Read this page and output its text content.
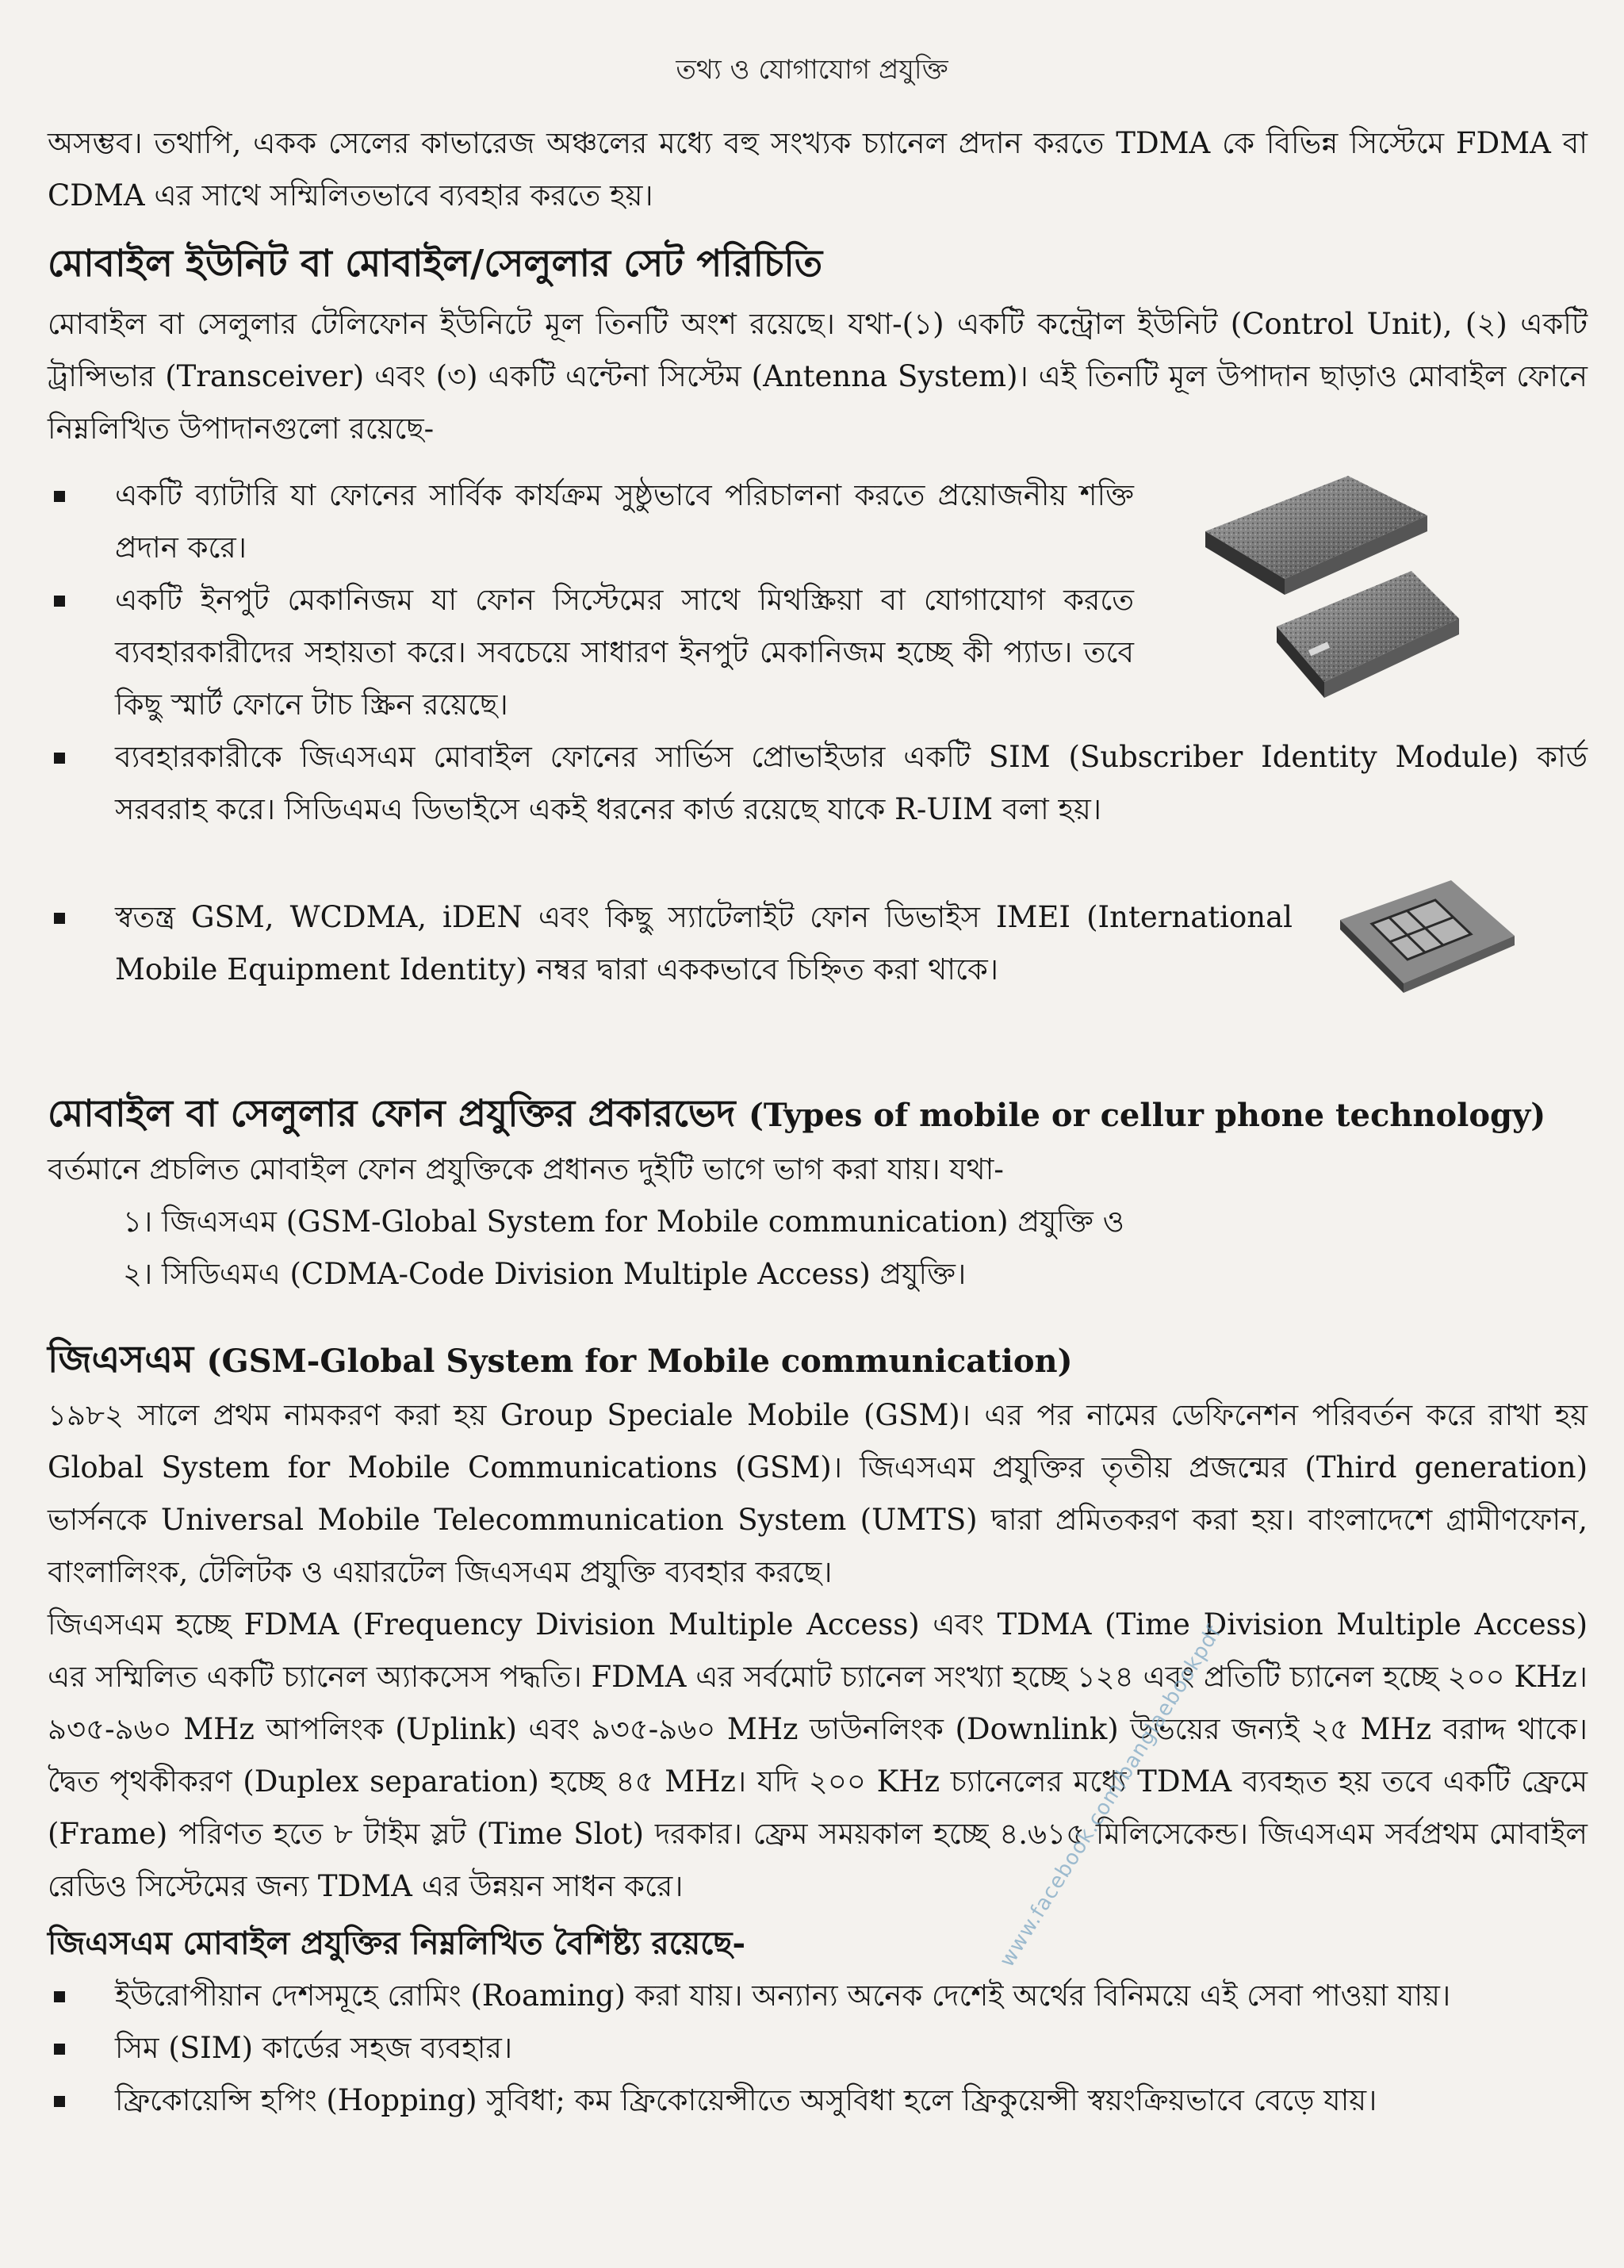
তথ্য ও যোগাযোগ প্রযুক্তি

অসম্ভব। তথাপি, একক সেলের কাভারেজ অঞ্চলের মধ্যে বহু সংখ্যক চ্যানেল প্রদান করতে TDMA কে বিভিন্ন সিস্টেমে FDMA বা CDMA এর সাথে সম্মিলিতভাবে ব্যবহার করতে হয়।

মোবাইল ইউনিট বা মোবাইল/সেলুলার সেট পরিচিতি

মোবাইল বা সেলুলার টেলিফোন ইউনিটে মূল তিনটি অংশ রয়েছে। যথা-(১) একটি কন্ট্রোল ইউনিট (Control Unit), (২) একটি ট্রান্সিভার (Transceiver) এবং (৩) একটি এন্টেনা সিস্টেম (Antenna System)। এই তিনটি মূল উপাদান ছাড়াও মোবাইল ফোনে নিম্নলিখিত উপাদানগুলো রয়েছে-

একটি ব্যাটারি যা ফোনের সার্বিক কার্যক্রম সুষ্ঠুভাবে পরিচালনা করতে প্রয়োজনীয় শক্তি প্রদান করে।
একটি ইনপুট মেকানিজম যা ফোন সিস্টেমের সাথে মিথস্ক্রিয়া বা যোগাযোগ করতে ব্যবহারকারীদের সহায়তা করে। সবচেয়ে সাধারণ ইনপুট মেকানিজম হচ্ছে কী প্যাড। তবে কিছু স্মার্ট ফোনে টাচ স্ক্রিন রয়েছে।
ব্যবহারকারীকে জিএসএম মোবাইল ফোনের সার্ভিস প্রোভাইডার একটি SIM (Subscriber Identity Module) কার্ড সরবরাহ করে। সিডিএমএ ডিভাইসে একই ধরনের কার্ড রয়েছে যাকে R-UIM বলা হয়।
স্বতন্ত্র GSM, WCDMA, iDEN এবং কিছু স্যাটেলাইট ফোন ডিভাইস IMEI (International Mobile Equipment Identity) নম্বর দ্বারা এককভাবে চিহ্নিত করা থাকে।
মোবাইল বা সেলুলার ফোন প্রযুক্তির প্রকারভেদ (Types of mobile or cellur phone technology)

বর্তমানে প্রচলিত মোবাইল ফোন প্রযুক্তিকে প্রধানত দুইটি ভাগে ভাগ করা যায়। যথা-

১। জিএসএম (GSM-Global System for Mobile communication) প্রযুক্তি ও
২। সিডিএমএ (CDMA-Code Division Multiple Access) প্রযুক্তি।
জিএসএম (GSM-Global System for Mobile communication)

১৯৮২ সালে প্রথম নামকরণ করা হয় Group Speciale Mobile (GSM)। এর পর নামের ডেফিনেশন পরিবর্তন করে রাখা হয় Global System for Mobile Communications (GSM)। জিএসএম প্রযুক্তির তৃতীয় প্রজন্মের (Third generation) ভার্সনকে Universal Mobile Telecommunication System (UMTS) দ্বারা প্রমিতকরণ করা হয়। বাংলাদেশে গ্রামীণফোন, বাংলালিংক, টেলিটক ও এয়ারটেল জিএসএম প্রযুক্তি ব্যবহার করছে।

জিএসএম হচ্ছে FDMA (Frequency Division Multiple Access) এবং TDMA (Time Division Multiple Access) এর সম্মিলিত একটি চ্যানেল অ্যাকসেস পদ্ধতি। FDMA এর সর্বমোট চ্যানেল সংখ্যা হচ্ছে ১২৪ এবং প্রতিটি চ্যানেল হচ্ছে ২০০ KHz। ৯৩৫-৯৬০ MHz আপলিংক (Uplink) এবং ৯৩৫-৯৬০ MHz ডাউনলিংক (Downlink) উভয়ের জন্যই ২৫ MHz বরাদ্দ থাকে। দ্বৈত পৃথকীকরণ (Duplex separation) হচ্ছে ৪৫ MHz। যদি ২০০ KHz চ্যানেলের মধ্যে TDMA ব্যবহৃত হয় তবে একটি ফ্রেমে (Frame) পরিণত হতে ৮ টাইম স্লট (Time Slot) দরকার। ফ্রেম সময়কাল হচ্ছে ৪.৬১৫ মিলিসেকেন্ড। জিএসএম সর্বপ্রথম মোবাইল রেডিও সিস্টেমের জন্য TDMA এর উন্নয়ন সাধন করে।

জিএসএম মোবাইল প্রযুক্তির নিম্নলিখিত বৈশিষ্ট্য রয়েছে-
ইউরোপীয়ান দেশসমূহে রোমিং (Roaming) করা যায়। অন্যান্য অনেক দেশেই অর্থের বিনিময়ে এই সেবা পাওয়া যায়।
সিম (SIM) কার্ডের সহজ ব্যবহার।
ফ্রিকোয়েন্সি হপিং (Hopping) সুবিধা; কম ফ্রিকোয়েন্সীতে অসুবিধা হলে ফ্রিকুয়েন্সী স্বয়ংক্রিয়ভাবে বেড়ে যায়।
www.facebook.com/banglaebookpdf
